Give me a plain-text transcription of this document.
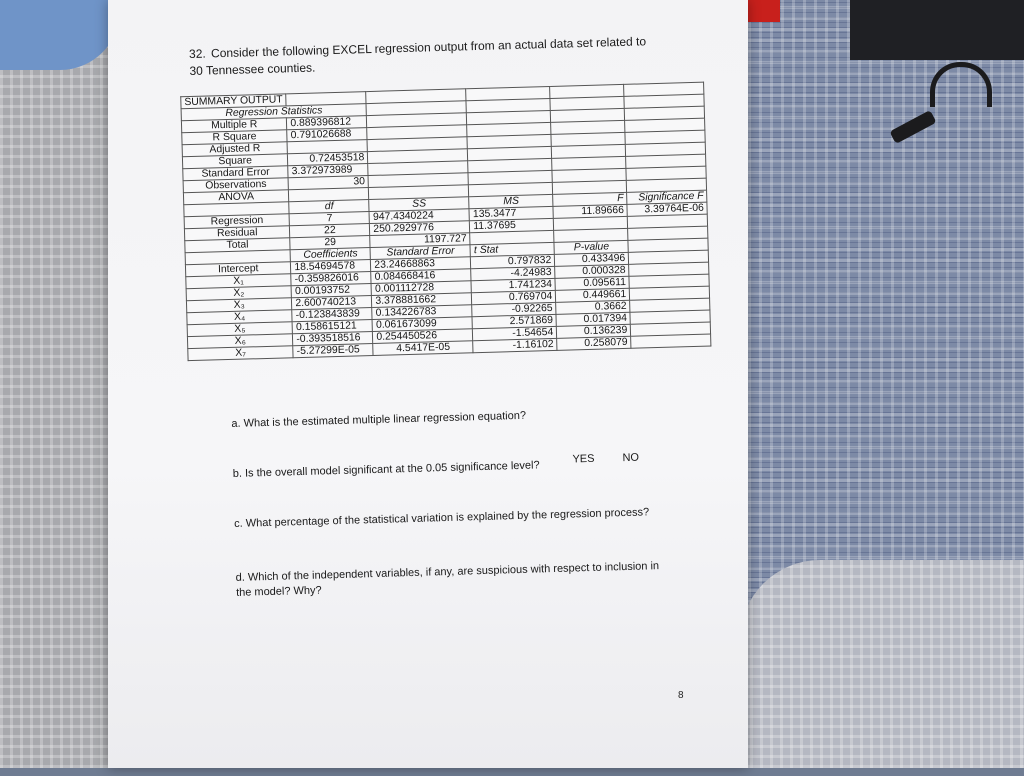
32. Consider the following EXCEL regression output from an actual data set related to
30 Tennessee counties.
SUMMARY OUTPUT					
Regression Statistics					
Multiple R	0.889396812				
R Square	0.791026688				
Adjusted R					
Square	0.72453518				
Standard Error	3.372973989				
Observations	30				
ANOVA					
	df	SS	MS	F	Significance F
Regression	7	947.4340224	135.3477	11.89666	3.39764E-06
Residual	22	250.2929776	11.37695		
Total	29	1197.727			
	Coefficients	Standard Error	t Stat	P-value	
Intercept	18.54694578	23.24668863	0.797832	0.433496	
X₁	-0.359826016	0.084668416	-4.24983	0.000328	
X₂	0.00193752	0.001112728	1.741234	0.095611	
X₃	2.600740213	3.378881662	0.769704	0.449661	
X₄	-0.123843839	0.134226783	-0.92265	0.3662	
X₅	0.158615121	0.061673099	2.571869	0.017394	
X₆	-0.393518516	0.254450526	-1.54654	0.136239	
X₇	-5.27299E-05	4.5417E-05	-1.16102	0.258079	
a. What is the estimated multiple linear regression equation?
b. Is the overall model significant at the 0.05 significance level?
YES	NO
c. What percentage of the statistical variation is explained by the regression process?
d. Which of the independent variables, if any, are suspicious with respect to inclusion in
the model? Why?
8
